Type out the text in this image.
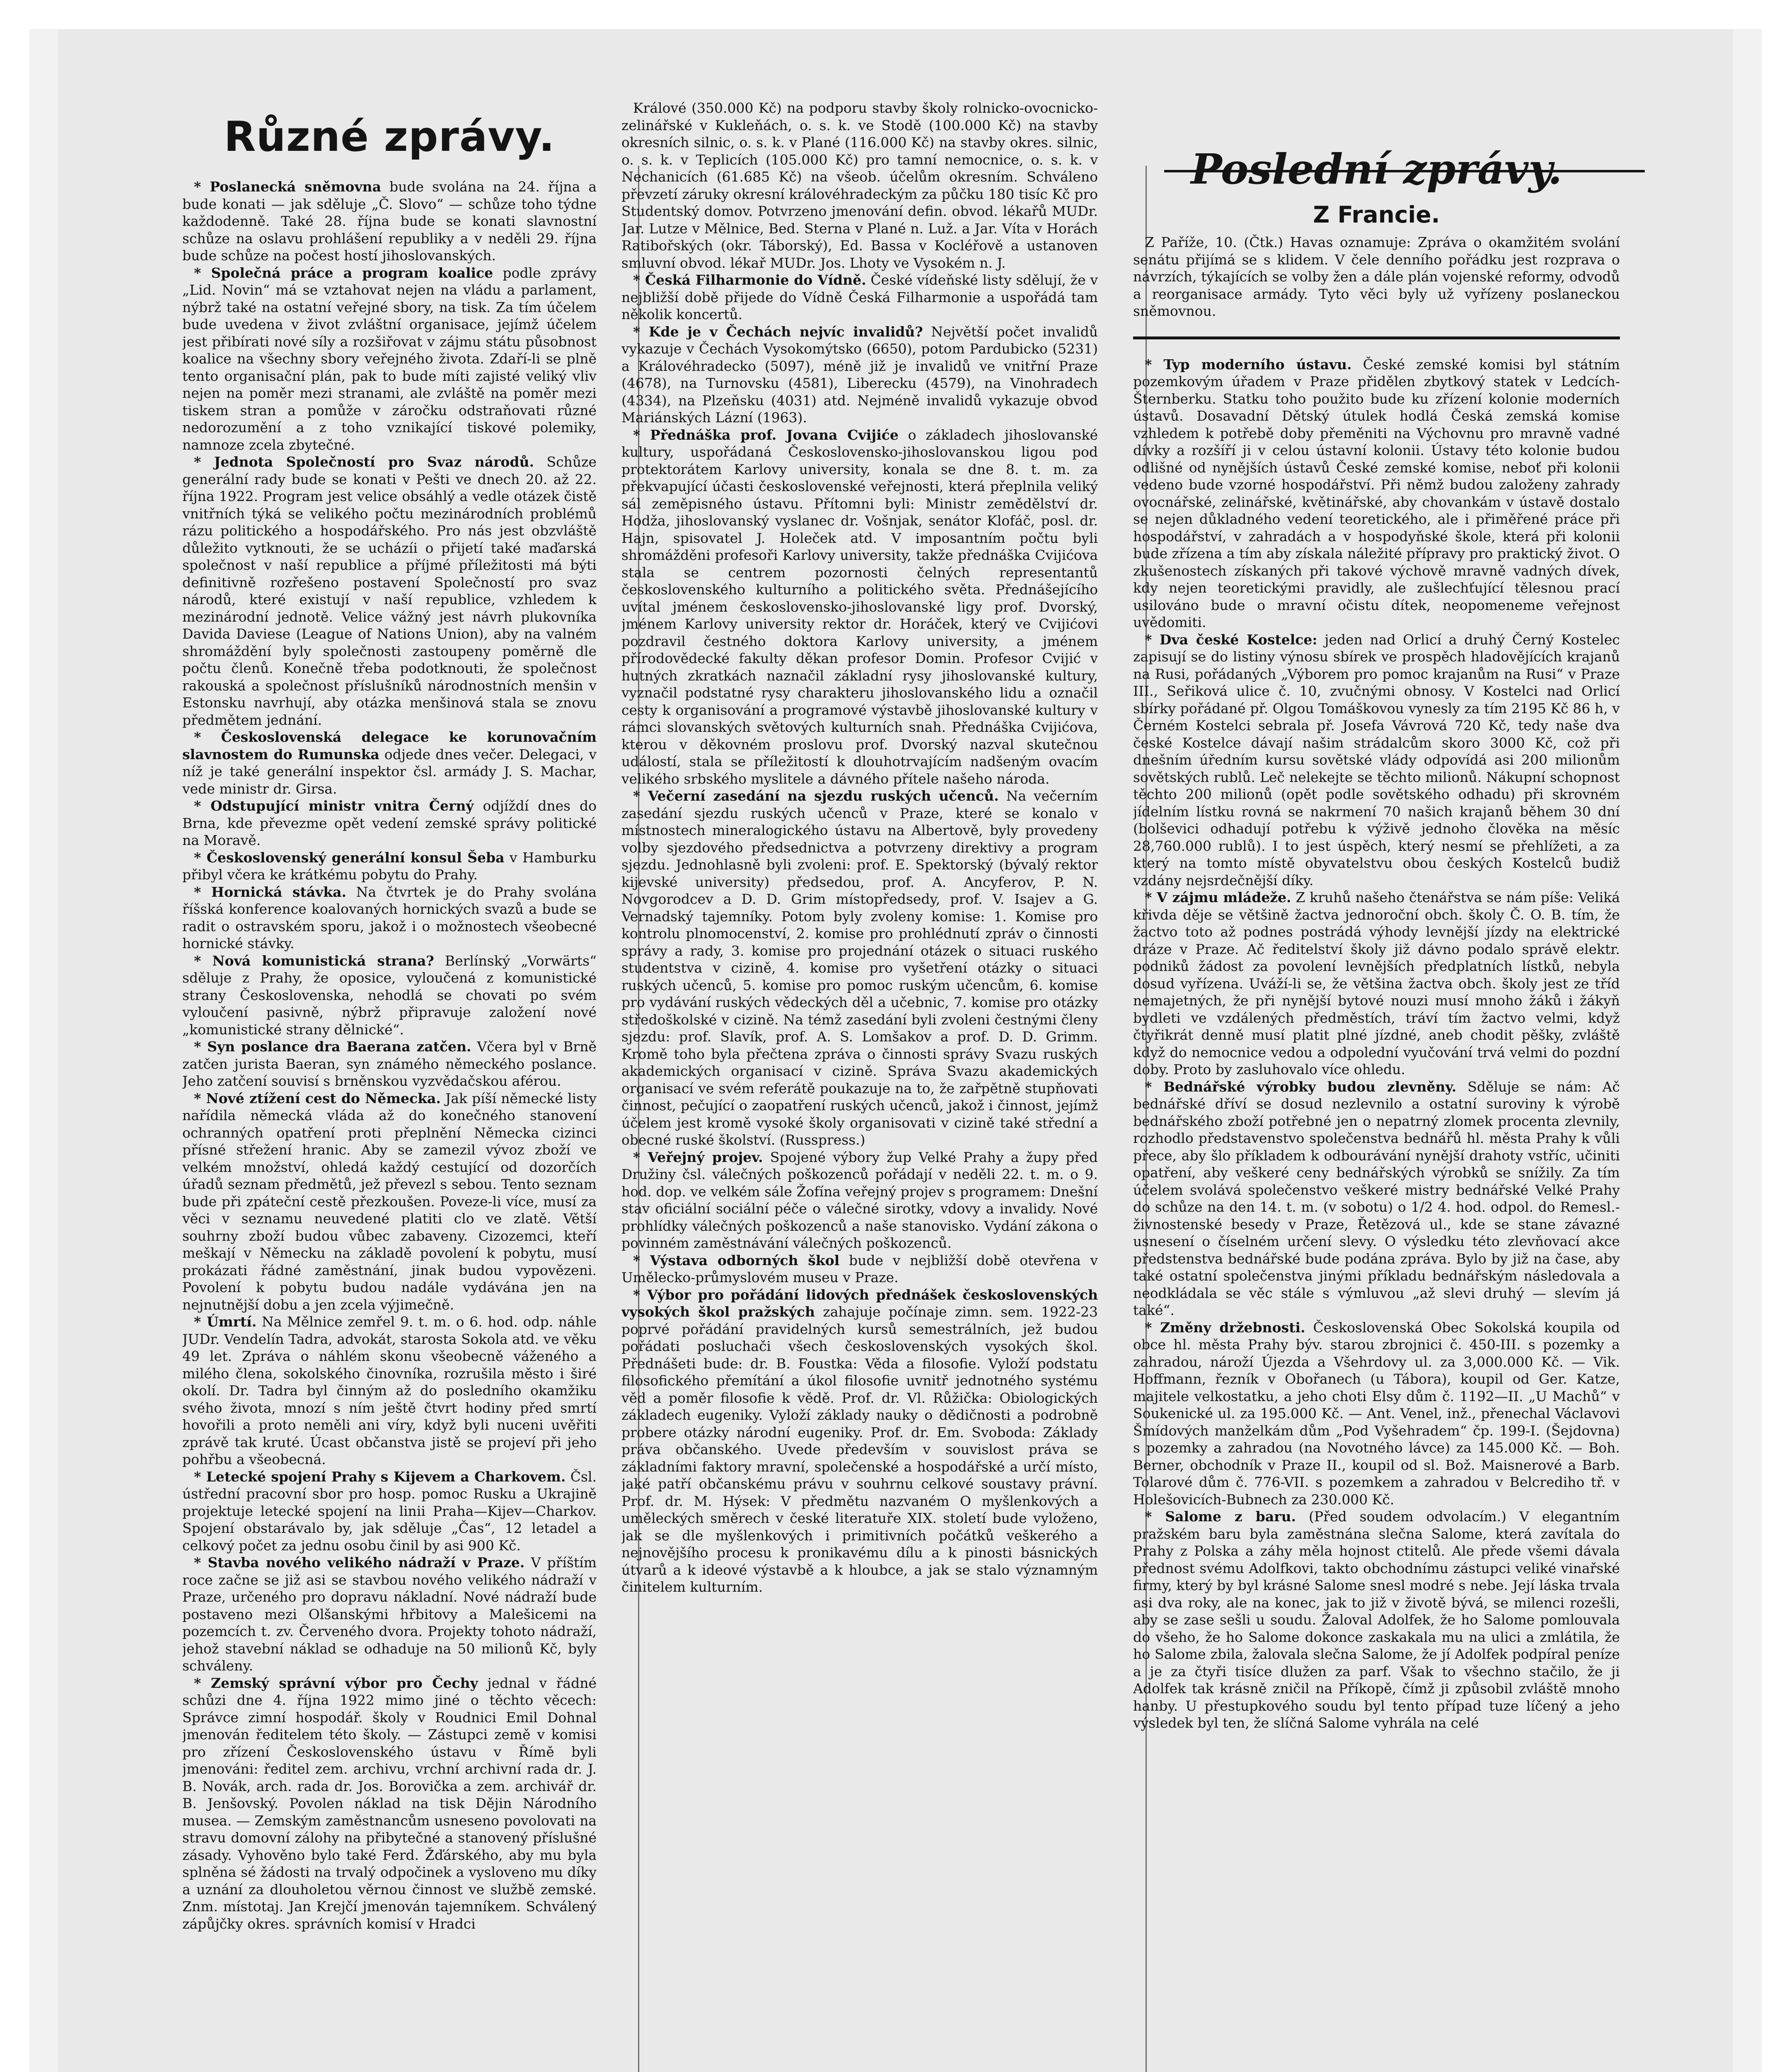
Různé zprávy.

* Poslanecká sněmovna bude svolána na 24. října a bude konati — jak sděluje „Č. Slovo“ — schůze toho týdne každodenně. Také 28. října bude se konati slavnostní schůze na oslavu prohlášení republiky a v neděli 29. října bude schůze na počest hostí jihoslovanských.

* Společná práce a program koalice podle zprávy „Lid. Novin“ má se vztahovat nejen na vládu a parlament, nýbrž také na ostatní veřejné sbory, na tisk. Za tím účelem bude uvedena v život zvláštní organisace, jejímž účelem jest přibírati nové síly a rozšiřovat v zájmu státu působnost koalice na všechny sbory veřejného života. Zdaří-li se plně tento organisační plán, pak to bude míti zajisté veliký vliv nejen na poměr mezi stranami, ale zvláště na poměr mezi tiskem stran a pomůže v záročku odstraňovati různé nedorozumění a z toho vznikající tiskové polemiky, namnoze zcela zbytečné.

* Jednota Společností pro Svaz národů. Schůze generální rady bude se konati v Pešti ve dnech 20. až 22. října 1922. Program jest velice obsáhlý a vedle otázek čistě vnitřních týká se velikého počtu mezinárodních problémů rázu politického a hospodářského. Pro nás jest obzvláště důležito vytknouti, že se ucházíi o přijetí také maďarská společnost v naší republice a příjmé příležitosti má býti definitivně rozřešeno postavení Společností pro svaz národů, které existují v naší republice, vzhledem k mezinárodní jednotě. Velice vážný jest návrh plukovníka Davida Daviese (League of Nations Union), aby na valném shromáždění byly společnosti zastoupeny poměrně dle počtu členů. Konečně třeba podotknouti, že společnost rakouská a společnost příslušníků národnostních menšin v Estonsku navrhují, aby otázka menšinová stala se znovu předmětem jednání.

* Československá delegace ke korunovačním slavnostem do Rumunska odjede dnes večer. Delegaci, v níž je také generální inspektor čsl. armády J. S. Machar, vede ministr dr. Girsa.

* Odstupující ministr vnitra Černý odjíždí dnes do Brna, kde převezme opět vedení zemské správy politické na Moravě.

* Československý generální konsul Šeba v Hamburku přibyl včera ke krátkému pobytu do Prahy.

* Hornická stávka. Na čtvrtek je do Prahy svolána říšská konference koalovaných hornických svazů a bude se radit o ostravském sporu, jakož i o možnostech všeobecné hornické stávky.

* Nová komunistická strana? Berlínský „Vorwärts“ sděluje z Prahy, že oposice, vyloučená z komunistické strany Československa, nehodlá se chovati po svém vyloučení pasivně, nýbrž připravuje založení nové „komunistické strany dělnické“.

* Syn poslance dra Baerana zatčen. Včera byl v Brně zatčen jurista Baeran, syn známého německého poslance. Jeho zatčení souvisí s brněnskou vyzvědačskou aférou.

* Nové ztížení cest do Německa. Jak píší německé listy nařídila německá vláda až do konečného stanovení ochranných opatření proti přeplnění Německa cizinci přísné střežení hranic. Aby se zamezil vývoz zboží ve velkém množství, ohledá každý cestující od dozorčích úřadů seznam předmětů, jež převezl s sebou. Tento seznam bude při zpáteční cestě přezkoušen. Poveze-li více, musí za věci v seznamu neuvedené platiti clo ve zlatě. Větší souhrny zboží budou vůbec zabaveny. Cizozemci, kteří meškají v Německu na základě povolení k pobytu, musí prokázati řádné zaměstnání, jinak budou vypovězeni. Povolení k pobytu budou nadále vydávána jen na nejnutnější dobu a jen zcela výjimečně.

* Úmrtí. Na Mělnice zemřel 9. t. m. o 6. hod. odp. náhle JUDr. Vendelín Tadra, advokát, starosta Sokola atd. ve věku 49 let. Zpráva o náhlém skonu všeobecně váženého a milého člena, sokolského činovníka, rozrušila město i širé okolí. Dr. Tadra byl činným až do posledního okamžiku svého života, mnozí s ním ještě čtvrt hodiny před smrtí hovořili a proto neměli ani víry, když byli nuceni uvěřiti zprávě tak kruté. Úcast občanstva jistě se projeví při jeho pohřbu a všeobecná.

* Letecké spojení Prahy s Kijevem a Charkovem. Čsl. ústřední pracovní sbor pro hosp. pomoc Rusku a Ukrajině projektuje letecké spojení na linii Praha—Kijev—Charkov. Spojení obstarávalo by, jak sděluje „Čas“, 12 letadel a celkový počet za jednu osobu činil by asi 900 Kč.

* Stavba nového velikého nádraží v Praze. V příštím roce začne se již asi se stavbou nového velikého nádraží v Praze, určeného pro dopravu nákladní. Nové nádraží bude postaveno mezi Olšanskými hřbitovy a Malešicemi na pozemcích t. zv. Červeného dvora. Projekty tohoto nádraží, jehož stavební náklad se odhaduje na 50 milionů Kč, byly schváleny.

* Zemský správní výbor pro Čechy jednal v řádné schůzi dne 4. října 1922 mimo jiné o těchto věcech: Správce zimní hospodář. školy v Roudnici Emil Dohnal jmenován ředitelem této školy. — Zástupci země v komisi pro zřízení Československého ústavu v Římě byli jmenováni: ředitel zem. archivu, vrchní archivní rada dr. J. B. Novák, arch. rada dr. Jos. Borovička a zem. archivář dr. B. Jenšovský. Povolen náklad na tisk Dějin Národního musea. — Zemským zaměstnancům usneseno povolovati na stravu domovní zálohy na přibytečné a stanovený příslušné zásady. Vyhověno bylo také Ferd. Žďárského, aby mu byla splněna sé žádosti na trvalý odpočinek a vysloveno mu díky a uznání za dlouholetou věrnou činnost ve službě zemské. Znm. místotaj. Jan Krejčí jmenován tajemníkem. Schválený zápůjčky okres. správních komisí v Hradci

Králové (350.000 Kč) na podporu stavby školy rolnicko-ovocnicko-zelinářské v Kukleňách, o. s. k. ve Stodě (100.000 Kč) na stavby okresních silnic, o. s. k. v Plané (116.000 Kč) na stavby okres. silnic, o. s. k. v Teplicích (105.000 Kč) pro tamní nemocnice, o. s. k. v Nechanicích (61.685 Kč) na všeob. účelům okresním. Schváleno převzetí záruky okresní královéhradeckým za půčku 180 tisíc Kč pro Studentský domov. Potvrzeno jmenování defin. obvod. lékařů MUDr. Jar. Lutze v Mělnice, Bed. Sterna v Plané n. Luž. a Jar. Víta v Horách Ratibořských (okr. Táborský), Ed. Bassa v Kocléřově a ustanoven smluvní obvod. lékař MUDr. Jos. Lhoty ve Vysokém n. J.

* Česká Filharmonie do Vídně. České vídeňské listy sdělují, že v nejbližší době přijede do Vídně Česká Filharmonie a uspořádá tam několik koncertů.

* Kde je v Čechách nejvíc invalidů? Největší počet invalidů vykazuje v Čechách Vysokomýtsko (6650), potom Pardubicko (5231) a Královéhradecko (5097), méně již je invalidů ve vnitřní Praze (4678), na Turnovsku (4581), Liberecku (4579), na Vinohradech (4334), na Plzeňsku (4031) atd. Nejméně invalidů vykazuje obvod Mariánských Lázní (1963).

* Přednáška prof. Jovana Cvijiće o základech jihoslovanské kultury, uspořádaná Československo-jihoslovanskou ligou pod protektorátem Karlovy university, konala se dne 8. t. m. za překvapující účasti československé veřejnosti, která přeplnila veliký sál zeměpisného ústavu. Přítomni byli: Ministr zemědělství dr. Hodža, jihoslovanský vyslanec dr. Vošnjak, senátor Klofáč, posl. dr. Hajn, spisovatel J. Holeček atd. V imposantním počtu byli shromážděni profesoři Karlovy university, takže přednáška Cvijićova stala se centrem pozornosti čelných representantů československého kulturního a politického světa. Přednášejícího uvítal jménem československo-jihoslovanské ligy prof. Dvorský, jménem Karlovy university rektor dr. Horáček, který ve Cvijićovi pozdravil čestného doktora Karlovy university, a jménem přírodovědecké fakulty děkan profesor Domin. Profesor Cvijić v hutných zkratkách naznačil základní rysy jihoslovanské kultury, vyznačil podstatné rysy charakteru jihoslovanského lidu a označil cesty k organisování a programové výstavbě jihoslovanské kultury v rámci slovanských světových kulturních snah. Přednáška Cvijićova, kterou v děkovném proslovu prof. Dvorský nazval skutečnou událostí, stala se příležitostí k dlouhotrvajícím nadšeným ovacím velikého srbského myslitele a dávného přítele našeho národa.

* Večerní zasedání na sjezdu ruských učenců. Na večerním zasedání sjezdu ruských učenců v Praze, které se konalo v místnostech mineralogického ústavu na Albertově, byly provedeny volby sjezdového předsednictva a potvrzeny direktivy a program sjezdu. Jednohlasně byli zvoleni: prof. E. Spektorský (bývalý rektor kijevské university) předsedou, prof. A. Ancyferov, P. N. Novgorodcev a D. D. Grim místopředsedy, prof. V. Isajev a G. Vernadský tajemníky. Potom byly zvoleny komise: 1. Komise pro kontrolu plnomocenství, 2. komise pro prohlédnutí zpráv o činnosti správy a rady, 3. komise pro projednání otázek o situaci ruského studentstva v cizině, 4. komise pro vyšetření otázky o situaci ruských učenců, 5. komise pro pomoc ruským učencům, 6. komise pro vydávání ruských vědeckých děl a učebnic, 7. komise pro otázky středoškolské v cizině. Na témž zasedání byli zvoleni čestnými členy sjezdu: prof. Slavík, prof. A. S. Lomšakov a prof. D. D. Grimm. Kromě toho byla přečtena zpráva o činnosti správy Svazu ruských akademických organisací v cizině. Správa Svazu akademických organisací ve svém referátě poukazuje na to, že zařpětně stupňovati činnost, pečující o zaopatření ruských učenců, jakož i činnost, jejímž účelem jest kromě vysoké školy organisovati v cizině také střední a obecné ruské školství. (Russpress.)

* Veřejný projev. Spojené výbory žup Velké Prahy a župy před Družiny čsl. válečných poškozenců pořádají v neděli 22. t. m. o 9. hod. dop. ve velkém sále Žofína veřejný projev s programem: Dnešní stav oficiální sociální péče o válečné sirotky, vdovy a invalidy. Nové prohlídky válečných poškozenců a naše stanovisko. Vydání zákona o povinném zaměstnávání válečných poškozenců.

* Výstava odborných škol bude v nejbližší době otevřena v Umělecko-průmyslovém museu v Praze.

* Výbor pro pořádání lidových přednášek československých vysokých škol pražských zahajuje počínaje zimn. sem. 1922-23 poprvé pořádání pravidelných kursů semestrálních, jež budou pořádati posluchači všech československých vysokých škol. Přednášeti bude: dr. B. Foustka: Věda a filosofie. Vyloží podstatu filosofického přemítání a úkol filosofie uvnitř jednotného systému věd a poměr filosofie k vědě. Prof. dr. Vl. Růžička: Obiologických základech eugeniky. Vyloží základy nauky o dědičnosti a podrobně probere otázky národní eugeniky. Prof. dr. Em. Svoboda: Základy práva občanského. Uvede především v souvislost práva se základními faktory mravní, společenské a hospodářské a určí místo, jaké patří občanskému právu v souhrnu celkové soustavy právní. Prof. dr. M. Hýsek: V předmětu nazvaném O myšlenkových a uměleckých směrech v české literatuře XIX. století bude vyloženo, jak se dle myšlenkových i primitivních počátků veškerého a nejnovějšího procesu k pronikavému dílu a k pinosti básnických útvarů a k ideové výstavbě a k hloubce, a jak se stalo významným činitelem kulturním.

Poslední zprávy.
Z Francie.

Z Paříže, 10. (Čtk.) Havas oznamuje: Zpráva o okamžitém svolání senátu přijímá se s klidem. V čele denního pořádku jest rozprava o návrzích, týkajících se volby žen a dále plán vojenské reformy, odvodů a reorganisace armády. Tyto věci byly už vyřízeny poslaneckou sněmovnou.

* Typ moderního ústavu. České zemské komisi byl státním pozemkovým úřadem v Praze přidělen zbytkový statek v Ledcích-Šternberku. Statku toho použito bude ku zřízení kolonie moderních ústavů. Dosavadní Dětský útulek hodlá Česká zemská komise vzhledem k potřebě doby přeměniti na Výchovnu pro mravně vadné dívky a rozšíří ji v celou ústavní kolonii. Ústavy této kolonie budou odlišné od nynějších ústavů České zemské komise, neboť při kolonii vedeno bude vzorné hospodářství. Při němž budou založeny zahrady ovocnářské, zelinářské, květinářské, aby chovankám v ústavě dostalo se nejen důkladného vedení teoretického, ale i přiměřené práce při hospodářství, v zahradách a v hospodyňské škole, která při kolonii bude zřízena a tím aby získala náležité přípravy pro praktický život. O zkušenostech získaných při takové výchově mravně vadných dívek, kdy nejen teoretickými pravidly, ale zušlechťující tělesnou prací usilováno bude o mravní očistu dítek, neopomeneme veřejnost uvědomiti.

* Dva české Kostelce: jeden nad Orlicí a druhý Černý Kostelec zapisují se do listiny výnosu sbírek ve prospěch hladovějících krajanů na Rusi, pořádaných „Výborem pro pomoc krajanům na Rusi“ v Praze III., Seřiková ulice č. 10, zvučnými obnosy. V Kostelci nad Orlicí sbírky pořádané př. Olgou Tomáškovou vynesly za tím 2195 Kč 86 h, v Černém Kostelci sebrala př. Josefa Vávrová 720 Kč, tedy naše dva české Kostelce dávají našim strádalcům skoro 3000 Kč, což při dnešním úředním kursu sovětské vlády odpovídá asi 200 milionům sovětských rublů. Leč nelekejte se těchto milionů. Nákupní schopnost těchto 200 milionů (opět podle sovětského odhadu) při skrovném jídelním lístku rovná se nakrmení 70 našich krajanů během 30 dní (bolševici odhadují potřebu k výživě jednoho člověka na měsíc 28,760.000 rublů). I to jest úspěch, který nesmí se přehlížeti, a za který na tomto místě obyvatelstvu obou českých Kostelců budiž vzdány nejsrdečnější díky.

* V zájmu mládeže. Z kruhů našeho čtenářstva se nám píše: Veliká křivda děje se většině žactva jednoroční obch. školy Č. O. B. tím, že žactvo toto až podnes postrádá výhody levnější jízdy na elektrické dráze v Praze. Ač ředitelství školy již dávno podalo správě elektr. podniků žádost za povolení levnějších předplatních lístků, nebyla dosud vyřízena. Uváží-li se, že většina žactva obch. školy jest ze tříd nemajetných, že při nynější bytové nouzi musí mnoho žáků i žákyň bydleti ve vzdálených předměstích, tráví tím žactvo velmi, když čtyřikrát denně musí platit plné jízdné, aneb chodit pěšky, zvláště když do nemocnice vedou a odpolední vyučování trvá velmi do pozdní doby. Proto by zasluhovalo více ohledu.

* Bednářské výrobky budou zlevněny. Sděluje se nám: Ač bednářské dříví se dosud nezlevnilo a ostatní suroviny k výrobě bednářského zboží potřebné jen o nepatrný zlomek procenta zlevnily, rozhodlo představenstvo společenstva bednářů hl. města Prahy k vůli přece, aby šlo příkladem k odbourávání nynější drahoty vstříc, učiniti opatření, aby veškeré ceny bednářských výrobků se snížily. Za tím účelem svolává společenstvo veškeré mistry bednářské Velké Prahy do schůze na den 14. t. m. (v sobotu) o 1/2 4. hod. odpol. do Remesl.-živnostenské besedy v Praze, Řetězová ul., kde se stane závazné usnesení o číselném určení slevy. O výsledku této zlevňovací akce předstenstva bednářské bude podána zpráva. Bylo by již na čase, aby také ostatní společenstva jinými příkladu bednářským následovala a neodkládala se věc stále s výmluvou „až slevi druhý — slevím já také“.

* Změny držebnosti. Československá Obec Sokolská koupila od obce hl. města Prahy býv. starou zbrojnici č. 450-III. s pozemky a zahradou, nároží Újezda a Všehrdovy ul. za 3,000.000 Kč. — Vik. Hoffmann, řezník v Obořanech (u Tábora), koupil od Ger. Katze, majitele velkostatku, a jeho choti Elsy dům č. 1192—II. „U Machů“ v Soukenické ul. za 195.000 Kč. — Ant. Venel, inž., přenechal Václavovi Šmídových manželkám dům „Pod Vyšehradem“ čp. 199-I. (Šejdovna) s pozemky a zahradou (na Novotného lávce) za 145.000 Kč. — Boh. Berner, obchodník v Praze II., koupil od sl. Bož. Maisnerové a Barb. Tolarové dům č. 776-VII. s pozemkem a zahradou v Belcrediho tř. v Holešovicích-Bubnech za 230.000 Kč.

* Salome z baru. (Před soudem odvolacím.) V elegantním pražském baru byla zaměstnána slečna Salome, která zavítala do Prahy z Polska a záhy měla hojnost ctitelů. Ale přede všemi dávala přednost svému Adolfkovi, takto obchodnímu zástupci veliké vinařské firmy, který by byl krásné Salome snesl modré s nebe. Její láska trvala asi dva roky, ale na konec, jak to již v životě bývá, se milenci rozešli, aby se zase sešli u soudu. Žaloval Adolfek, že ho Salome pomlouvala do všeho, že ho Salome dokonce zaskakala mu na ulici a zmlátila, že ho Salome zbila, žalovala slečna Salome, že jí Adolfek podpíral peníze a je za čtyři tisíce dlužen za parf. Však to všechno stačilo, že ji Adolfek tak krásně zničil na Příkopě, čímž ji způsobil zvláště mnoho hanby. U přestupkového soudu byl tento případ tuze líčený a jeho výsledek byl ten, že slíčná Salome vyhrála na celé
